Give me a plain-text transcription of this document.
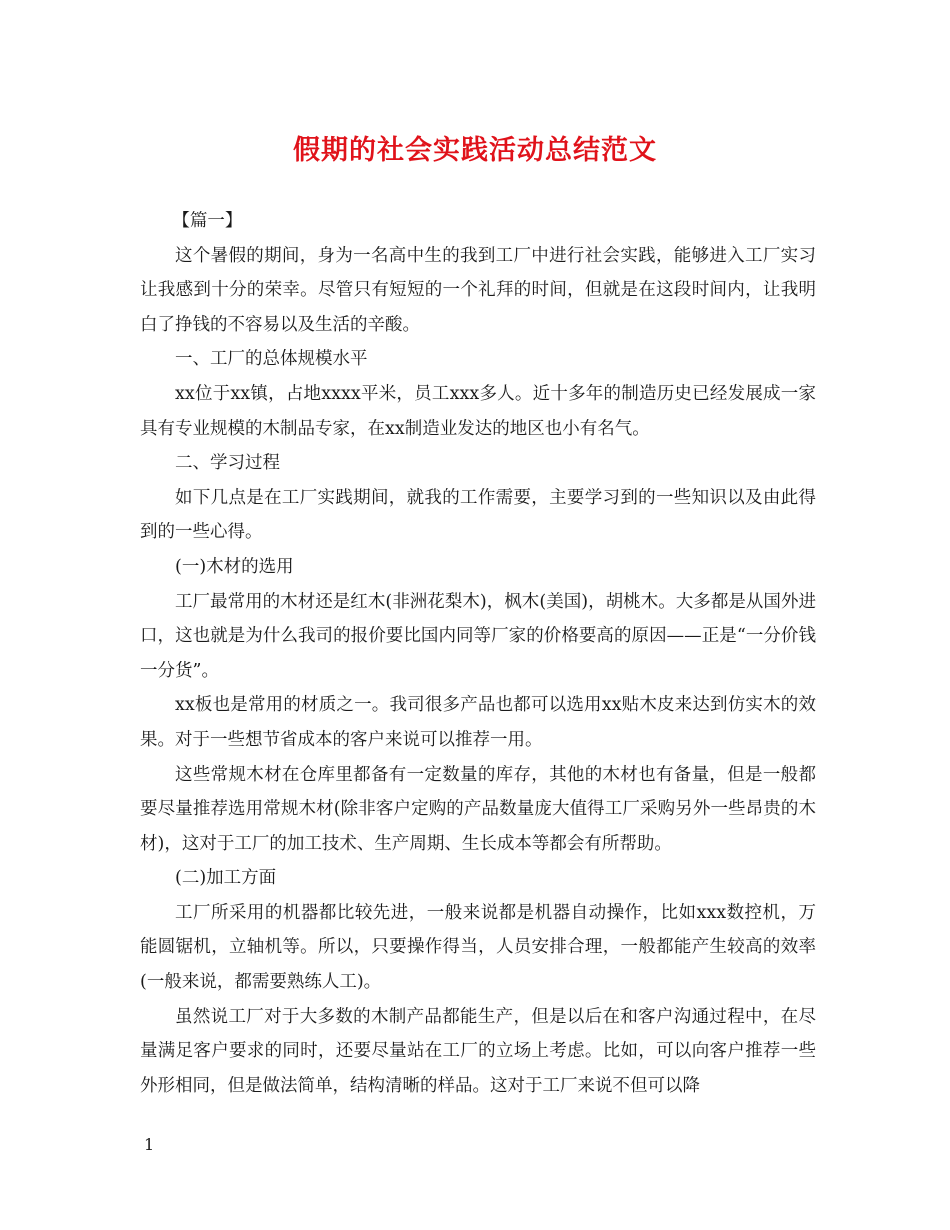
假期的社会实践活动总结范文

【篇一】

这个暑假的期间，身为一名高中生的我到工厂中进行社会实践，能够进入工厂实习让我感到十分的荣幸。尽管只有短短的一个礼拜的时间，但就是在这段时间内，让我明白了挣钱的不容易以及生活的辛酸。

一、工厂的总体规模水平

xx位于xx镇，占地xxxx平米，员工xxx多人。近十多年的制造历史已经发展成一家具有专业规模的木制品专家，在xx制造业发达的地区也小有名气。

二、学习过程

如下几点是在工厂实践期间，就我的工作需要，主要学习到的一些知识以及由此得到的一些心得。

(一)木材的选用

工厂最常用的木材还是红木(非洲花梨木)，枫木(美国)，胡桃木。大多都是从国外进口，这也就是为什么我司的报价要比国内同等厂家的价格要高的原因——正是“一分价钱一分货”。

xx板也是常用的材质之一。我司很多产品也都可以选用xx贴木皮来达到仿实木的效果。对于一些想节省成本的客户来说可以推荐一用。

这些常规木材在仓库里都备有一定数量的库存，其他的木材也有备量，但是一般都要尽量推荐选用常规木材(除非客户定购的产品数量庞大值得工厂采购另外一些昂贵的木材)，这对于工厂的加工技术、生产周期、生长成本等都会有所帮助。

(二)加工方面

工厂所采用的机器都比较先进，一般来说都是机器自动操作，比如xxx数控机，万能圆锯机，立轴机等。所以，只要操作得当，人员安排合理，一般都能产生较高的效率(一般来说，都需要熟练人工)。

虽然说工厂对于大多数的木制产品都能生产，但是以后在和客户沟通过程中，在尽量满足客户要求的同时，还要尽量站在工厂的立场上考虑。比如，可以向客户推荐一些外形相同，但是做法简单，结构清晰的样品。这对于工厂来说不但可以降

1
